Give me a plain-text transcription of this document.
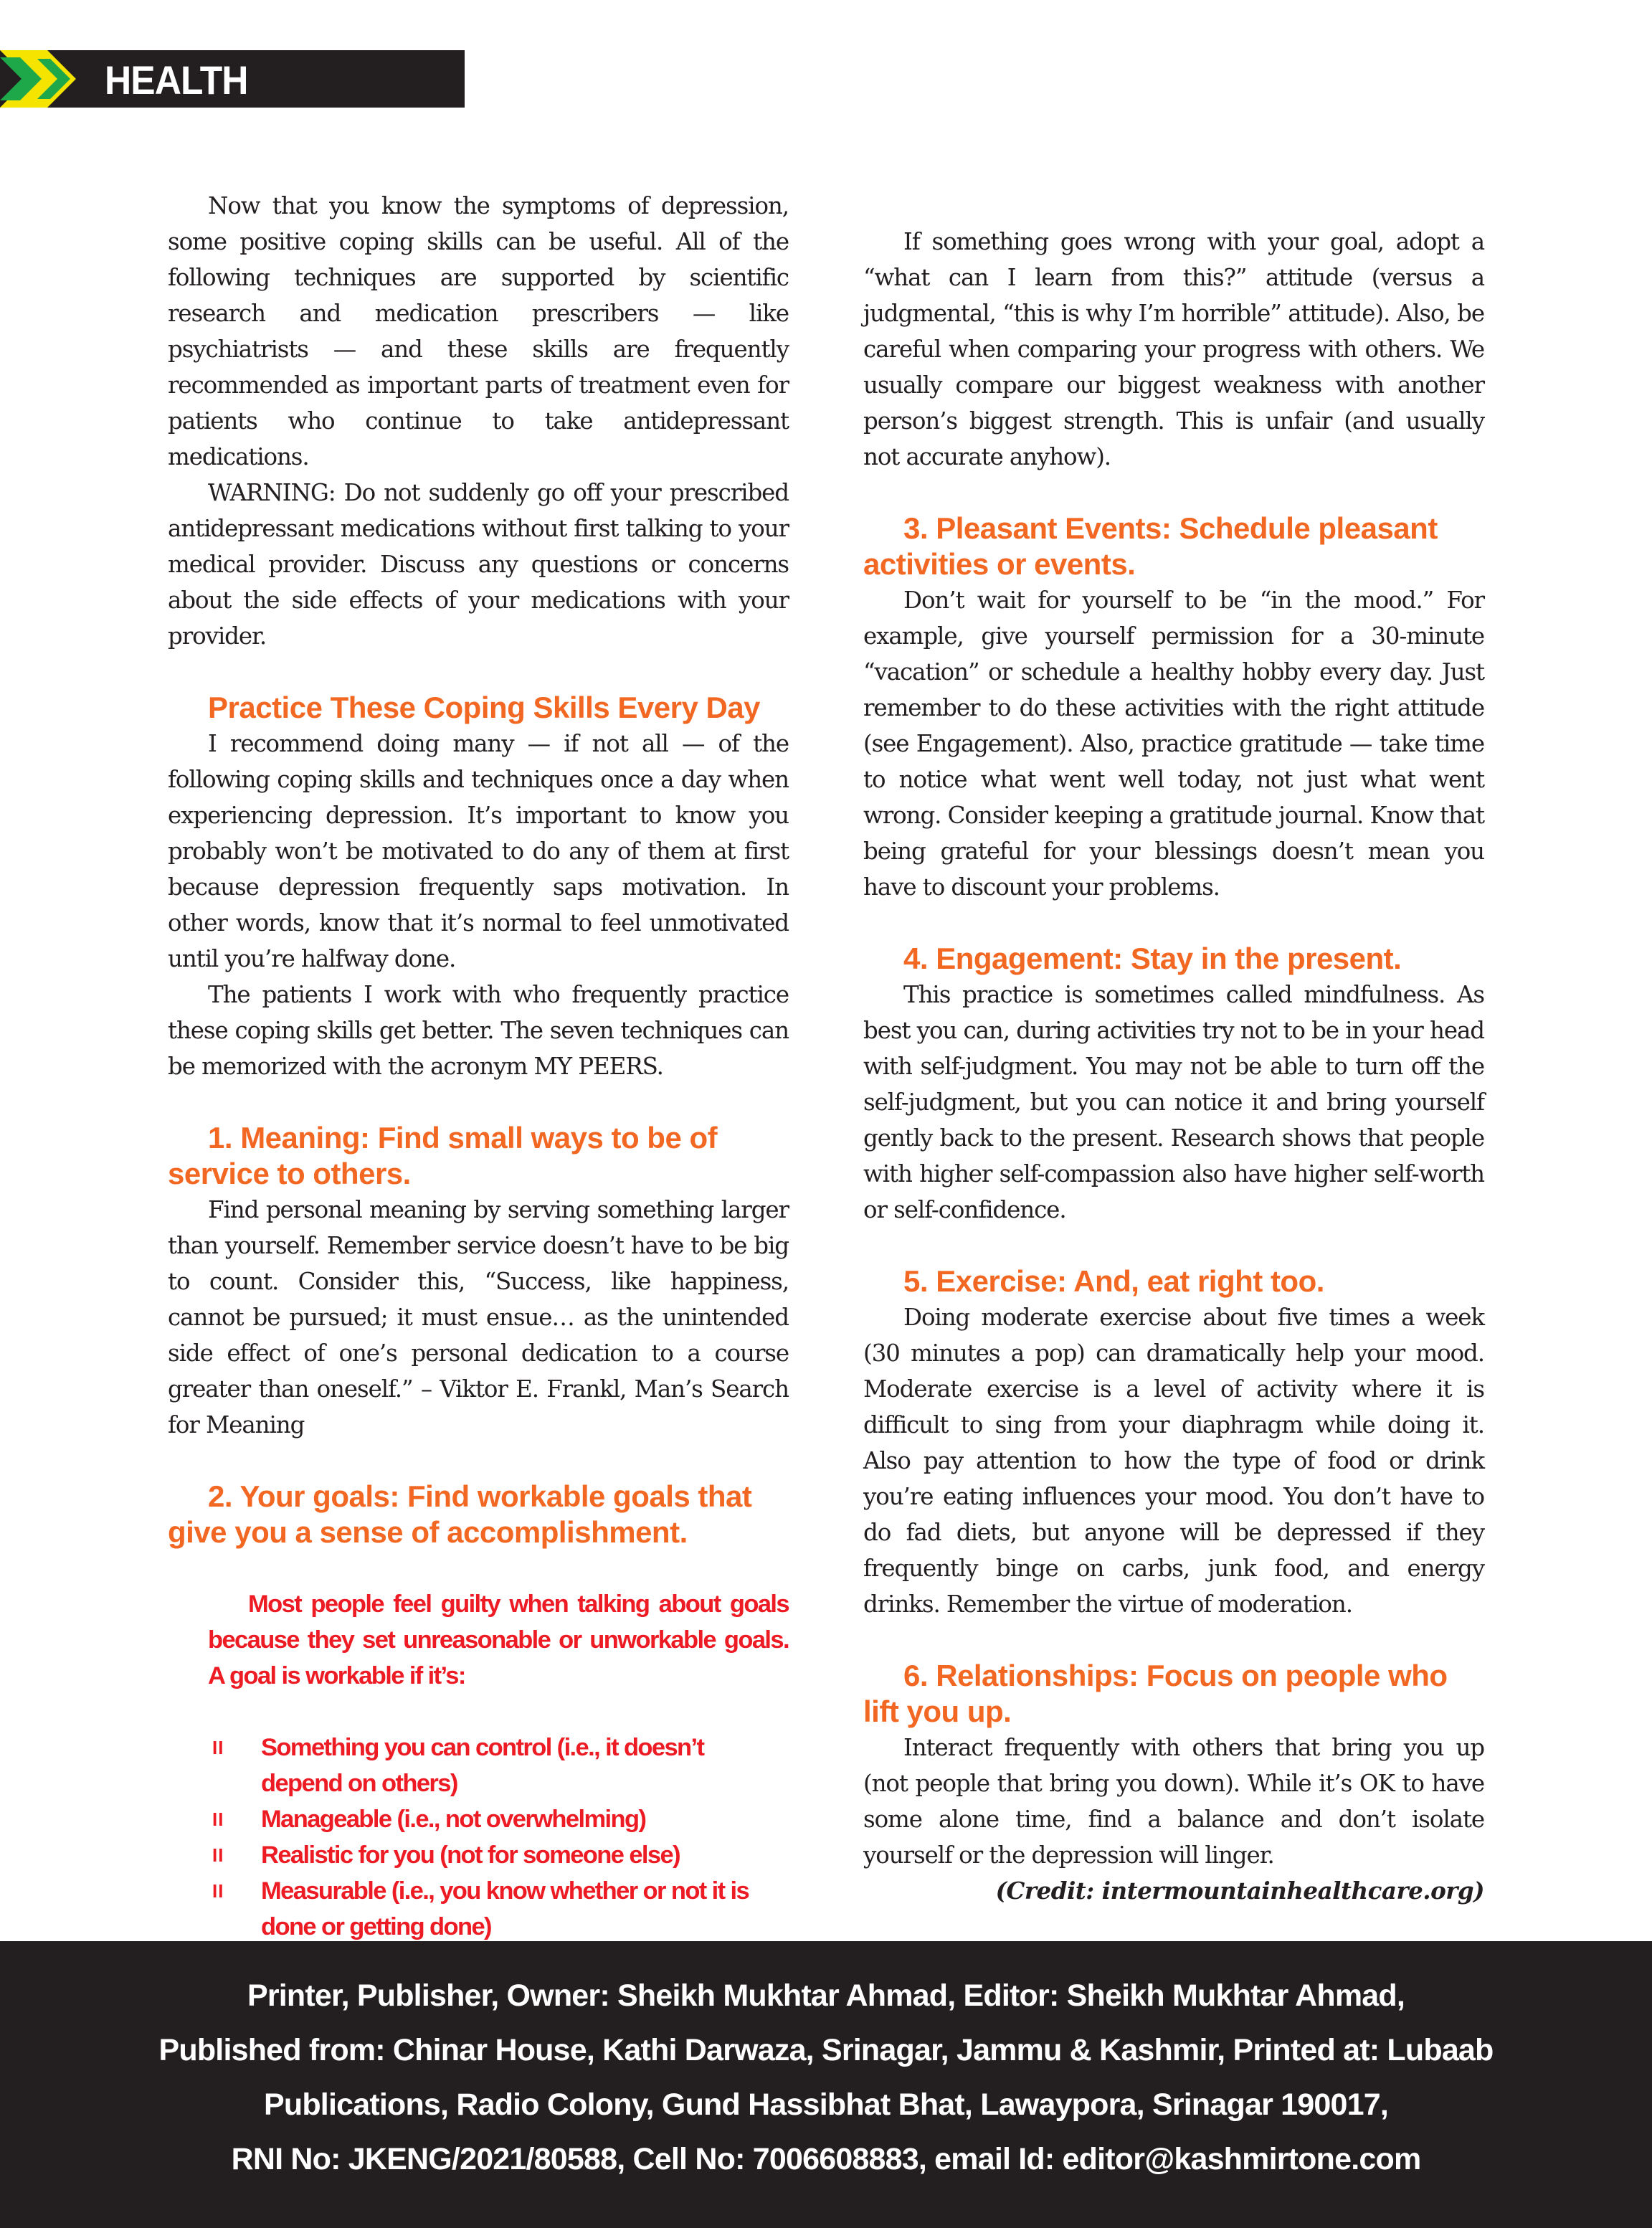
HEALTH

Now that you know the symptoms of depression, some positive coping skills can be useful. All of the following techniques are supported by scientific research and medication prescribers — like psychiatrists — and these skills are frequently recommended as important parts of treatment even for patients who continue to take antidepressant medications.

WARNING: Do not suddenly go off your prescribed antidepressant medications without first talking to your medical provider. Discuss any questions or concerns about the side effects of your medications with your provider.

Practice These Coping Skills Every Day

I recommend doing many — if not all — of the following coping skills and techniques once a day when experiencing depression. It’s important to know you probably won’t be motivated to do any of them at first because depression frequently saps motivation. In other words, know that it’s normal to feel unmotivated until you’re halfway done.

The patients I work with who frequently practice these coping skills get better. The seven techniques can be memorized with the acronym MY PEERS.

1. Meaning: Find small ways to be of service to others.

Find personal meaning by serving something larger than yourself. Remember service doesn’t have to be big to count. Consider this, “Success, like happiness, cannot be pursued; it must ensue… as the unintended side effect of one’s personal dedication to a course greater than oneself.” – Viktor E. Frankl, Man’s Search for Meaning

2. Your goals: Find workable goals that give you a sense of accomplishment.

Most people feel guilty when talking about goals because they set unreasonable or unworkable goals. A goal is workable if it’s:

II Something you can control (i.e., it doesn’t depend on others)
II Manageable (i.e., not overwhelming)
II Realistic for you (not for someone else)
II Measurable (i.e., you know whether or not it is done or getting done)

If something goes wrong with your goal, adopt a “what can I learn from this?” attitude (versus a judgmental, “this is why I’m horrible” attitude). Also, be careful when comparing your progress with others. We usually compare our biggest weakness with another person’s biggest strength. This is unfair (and usually not accurate anyhow).

3. Pleasant Events: Schedule pleasant activities or events.

Don’t wait for yourself to be “in the mood.” For example, give yourself permission for a 30-minute “vacation” or schedule a healthy hobby every day. Just remember to do these activities with the right attitude (see Engagement). Also, practice gratitude — take time to notice what went well today, not just what went wrong. Consider keeping a gratitude journal. Know that being grateful for your blessings doesn’t mean you have to discount your problems.

4. Engagement: Stay in the present.

This practice is sometimes called mindfulness. As best you can, during activities try not to be in your head with self-judgment. You may not be able to turn off the self-judgment, but you can notice it and bring yourself gently back to the present. Research shows that people with higher self-compassion also have higher self-worth or self-confidence.

5. Exercise: And, eat right too.

Doing moderate exercise about five times a week (30 minutes a pop) can dramatically help your mood. Moderate exercise is a level of activity where it is difficult to sing from your diaphragm while doing it. Also pay attention to how the type of food or drink you’re eating influences your mood. You don’t have to do fad diets, but anyone will be depressed if they frequently binge on carbs, junk food, and energy drinks. Remember the virtue of moderation.

6. Relationships: Focus on people who lift you up.

Interact frequently with others that bring you up (not people that bring you down). While it’s OK to have some alone time, find a balance and don’t isolate yourself or the depression will linger.

(Credit: intermountainhealthcare.org)

Printer, Publisher, Owner: Sheikh Mukhtar Ahmad, Editor: Sheikh Mukhtar Ahmad,
Published from: Chinar House, Kathi Darwaza, Srinagar, Jammu & Kashmir, Printed at: Lubaab
Publications, Radio Colony, Gund Hassibhat Bhat, Lawaypora, Srinagar 190017,
RNI No: JKENG/2021/80588, Cell No: 7006608883, email Id: editor@kashmirtone.com
